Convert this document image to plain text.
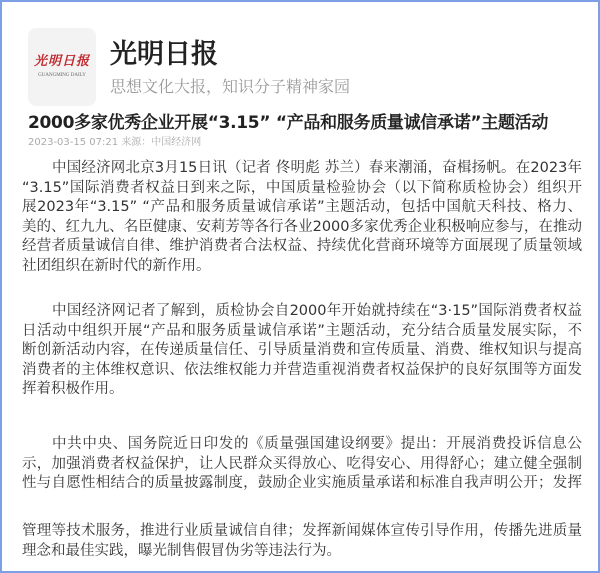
光明日报
GUANGMING DAILY
光明日报
思想文化大报，知识分子精神家园
2000多家优秀企业开展“3.15” “产品和服务质量诚信承诺”主题活动
2023-03-15 07:21 来源：中国经济网
中国经济网北京3月15日讯（记者 佟明彪 苏兰）春来潮涌，奋楫扬帆。在2023年
“3.15”国际消费者权益日到来之际，中国质量检验协会（以下简称质检协会）组织开
展2023年“3.15” “产品和服务质量诚信承诺”主题活动，包括中国航天科技、格力、
美的、红九九、名臣健康、安莉芳等各行各业2000多家优秀企业积极响应参与，在推动
经营者质量诚信自律、维护消费者合法权益、持续优化营商环境等方面展现了质量领域
社团组织在新时代的新作用。
中国经济网记者了解到，质检协会自2000年开始就持续在“3·15”国际消费者权益
日活动中组织开展“产品和服务质量诚信承诺”主题活动，充分结合质量发展实际，不
断创新活动内容，在传递质量信任、引导质量消费和宣传质量、消费、维权知识与提高
消费者的主体维权意识、依法维权能力并营造重视消费者权益保护的良好氛围等方面发
挥着积极作用。
中共中央、国务院近日印发的《质量强国建设纲要》提出：开展消费投诉信息公
示，加强消费者权益保护，让人民群众买得放心、吃得安心、用得舒心；建立健全强制
性与自愿性相结合的质量披露制度，鼓励企业实施质量承诺和标准自我声明公开；发挥
管理等技术服务，推进行业质量诚信自律；发挥新闻媒体宣传引导作用，传播先进质量
理念和最佳实践，曝光制售假冒伪劣等违法行为。
